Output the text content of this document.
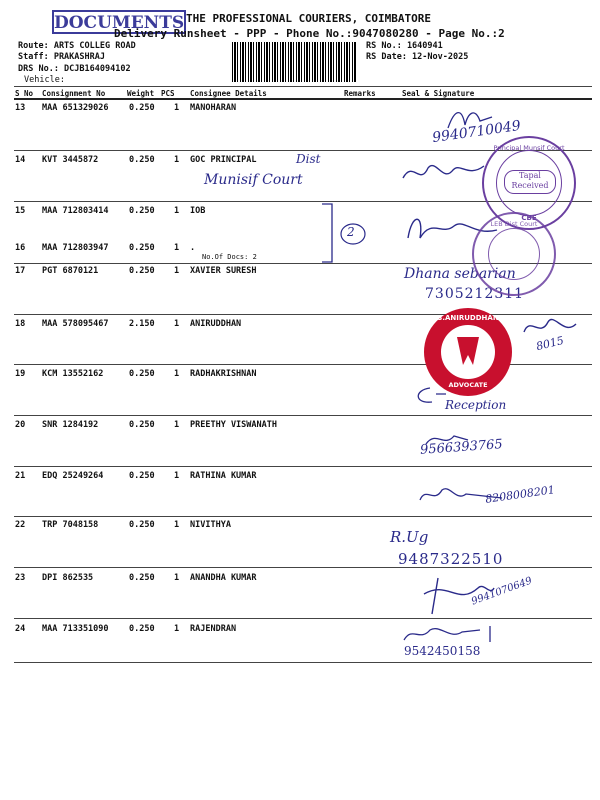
DOCUMENTS THE PROFESSIONAL COURIERS, COIMBATORE
Delivery Runsheet - PPP - Phone No.:9047080280 - Page No.:2
Route: ARTS COLLEG ROAD
Staff: PRAKASHRAJ
DRS No.: DCJB164094102
Vehicle:
RS No.: 1640941
RS Date: 12-Nov-2025
S No Consignment No	Weight PCS Consignee Details	Remarks	Seal & Signature
13 MAA 651329026 0.250 1 MANOHARAN
14 KVT 3445872	0.250 1 GOC PRINCIPAL
15 MAA 712803414 0.250 1 IOB
16 MAA 712803947 0.250 1 .
17 PGT 6870121	0.250 1 XAVIER SURESH
18 MAA 578095467 2.150 1 ANIRUDDHAN
19 KCM 13552162	0.250 1 RADHAKRISHNAN
20 SNR 1284192	0.250 1 PREETHY VISWANATH
21 EDQ 25249264	0.250 1 RATHINA KUMAR
22 TRP 7048158	0.250 1 NIVITHYA
23 DPI 862535	0.250 1 ANANDHA KUMAR
24 MAA 713351090 0.250 1 RAJENDRAN
No.Of Docs: 2
2
Dist
Munisif Court
9940710049
Dhana sebarian
7305212311
8015
Reception
9566393765
8208008201
R.Ug
9487322510
9941070649
9542450158
Principal Munsif Court
Tapal Received
CBE
LEB Dist Court
S.ANIRUDDHAN
ADVOCATE
